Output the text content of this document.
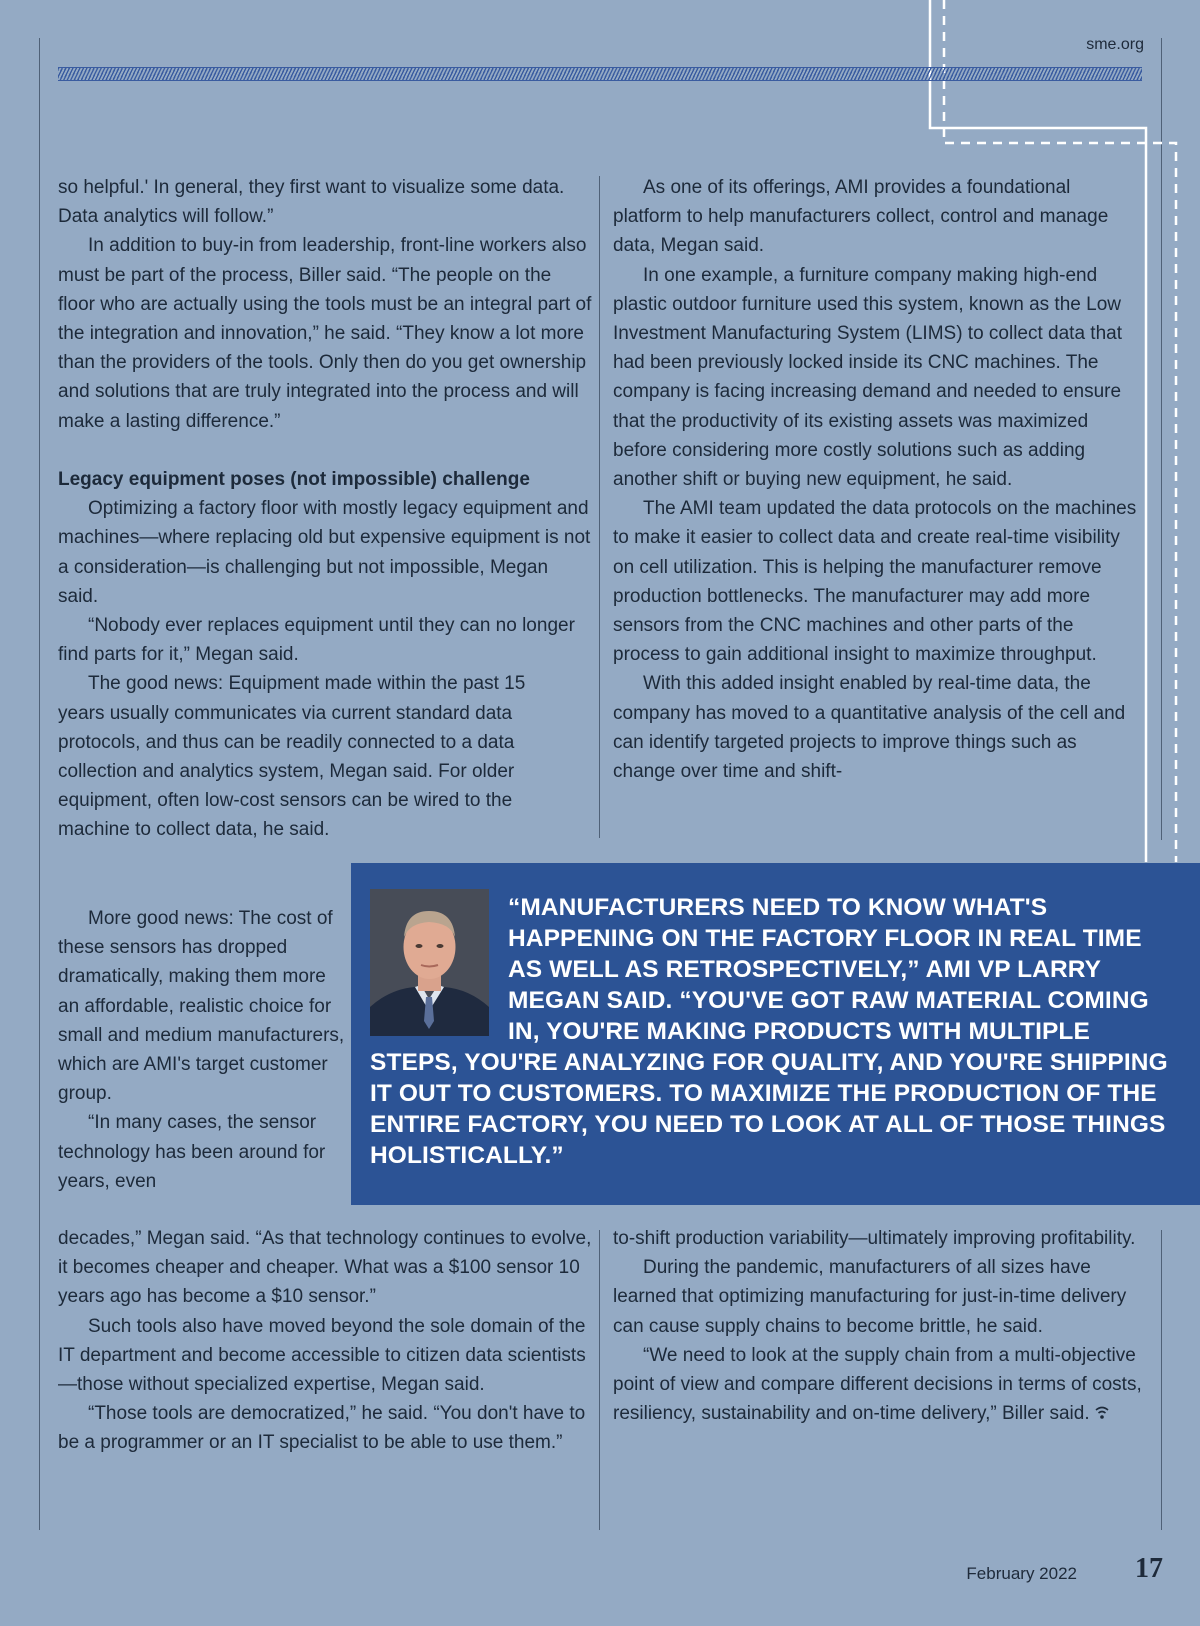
sme.org

so helpful.' In general, they first want to visualize some data. Data analytics will follow.”

In addition to buy-in from leadership, front-line workers also must be part of the process, Biller said. “The people on the floor who are actually using the tools must be an integral part of the integration and innovation,” he said. “They know a lot more than the providers of the tools. Only then do you get ownership and solutions that are truly integrated into the process and will make a lasting difference.”

Legacy equipment poses (not impossible) challenge

Optimizing a factory floor with mostly legacy equipment and machines—where replacing old but expensive equipment is not a consideration—is challenging but not impossible, Megan said.

“Nobody ever replaces equipment until they can no longer find parts for it,” Megan said.

The good news: Equipment made within the past 15 years usually communicates via current standard data protocols, and thus can be readily connected to a data collection and analytics system, Megan said. For older equipment, often low-cost sensors can be wired to the machine to collect data, he said.

More good news: The cost of these sensors has dropped dramatically, making them more an affordable, realistic choice for small and medium manufacturers, which are AMI's target customer group.

“In many cases, the sensor technology has been around for years, even

decades,” Megan said. “As that technology continues to evolve, it becomes cheaper and cheaper. What was a $100 sensor 10 years ago has become a $10 sensor.”

Such tools also have moved beyond the sole domain of the IT department and become accessible to citizen data scientists—those without specialized expertise, Megan said.

“Those tools are democratized,” he said. “You don't have to be a programmer or an IT specialist to be able to use them.”

As one of its offerings, AMI provides a foundational platform to help manufacturers collect, control and manage data, Megan said.

In one example, a furniture company making high-end plastic outdoor furniture used this system, known as the Low Investment Manufacturing System (LIMS) to collect data that had been previously locked inside its CNC machines. The company is facing increasing demand and needed to ensure that the productivity of its existing assets was maximized before considering more costly solutions such as adding another shift or buying new equipment, he said.

The AMI team updated the data protocols on the machines to make it easier to collect data and create real-time visibility on cell utilization. This is helping the manufacturer remove production bottlenecks. The manufacturer may add more sensors from the CNC machines and other parts of the process to gain additional insight to maximize throughput.

With this added insight enabled by real-time data, the company has moved to a quantitative analysis of the cell and can identify targeted projects to improve things such as change over time and shift-

to-shift production variability—ultimately improving profitability.

During the pandemic, manufacturers of all sizes have learned that optimizing manufacturing for just-in-time delivery can cause supply chains to become brittle, he said.

“We need to look at the supply chain from a multi-objective point of view and compare different decisions in terms of costs, resiliency, sustainability and on-time delivery,” Biller said.

“MANUFACTURERS NEED TO KNOW WHAT'S HAPPENING ON THE FACTORY FLOOR IN REAL TIME AS WELL AS RETROSPECTIVELY,” AMI VP LARRY MEGAN SAID. “YOU'VE GOT RAW MATERIAL COMING IN, YOU'RE MAKING PRODUCTS WITH MULTIPLE STEPS, YOU'RE ANALYZING FOR QUALITY, AND YOU'RE SHIPPING IT OUT TO CUSTOMERS. TO MAXIMIZE THE PRODUCTION OF THE ENTIRE FACTORY, YOU NEED TO LOOK AT ALL OF THOSE THINGS HOLISTICALLY.”
February 2022 17
